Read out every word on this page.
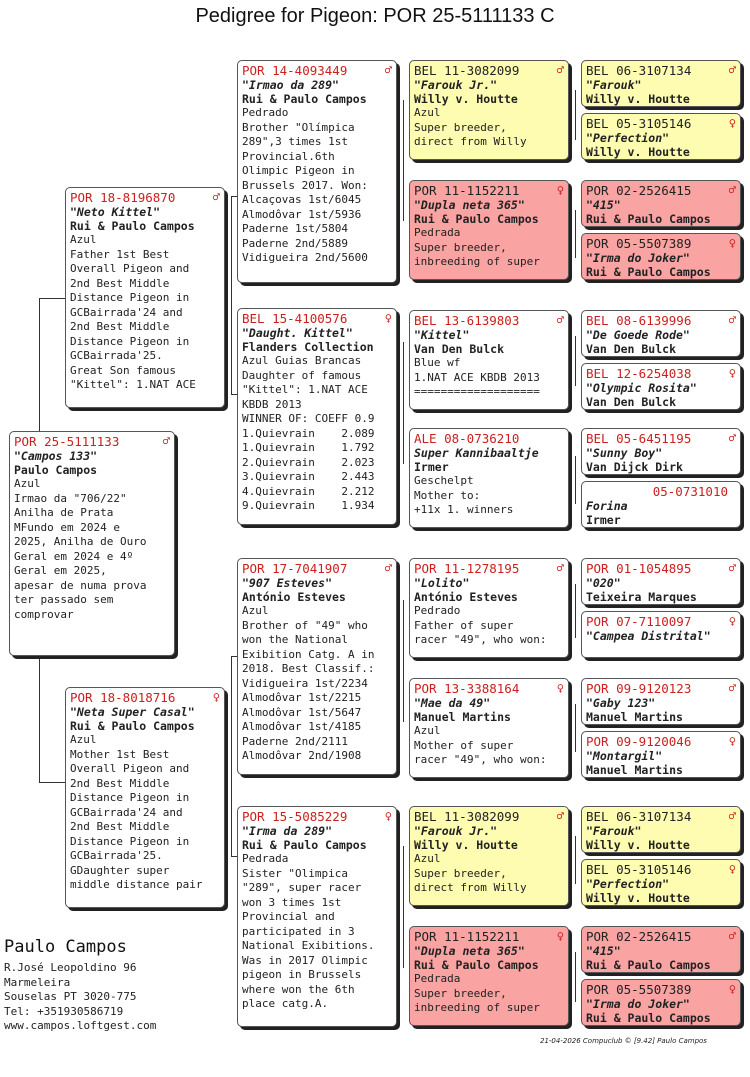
Pedigree for Pigeon: POR 25-5111133 C
POR 25-5111133	♂
"Campos 133"
Paulo Campos
Azul
Irmao da "706/22"
Anilha de Prata
MFundo em 2024 e
2025, Anilha de Ouro
Geral em 2024 e 4º
Geral em 2025,
apesar de numa prova
ter passado sem
comprovar
POR 18-8196870	♂
"Neto Kittel"
Rui & Paulo Campos
Azul
Father 1st Best
Overall Pigeon and
2nd Best Middle
Distance Pigeon in
GCBairrada'24 and
2nd Best Middle
Distance Pigeon in
GCBairrada'25.
Great Son famous
"Kittel": 1.NAT ACE
POR 18-8018716	♀
"Neta Super Casal"
Rui & Paulo Campos
Azul
Mother 1st Best
Overall Pigeon and
2nd Best Middle
Distance Pigeon in
GCBairrada'24 and
2nd Best Middle
Distance Pigeon in
GCBairrada'25.
GDaughter super
middle distance pair
POR 14-4093449	♂
"Irmao da 289"
Rui & Paulo Campos
Pedrado
Brother "Olímpica
289",3 times 1st
Provincial.6th
Olimpic Pigeon in
Brussels 2017. Won:
Alcaçovas 1st/6045
Almodôvar 1st/5936
Paderne 1st/5804
Paderne 2nd/5889
Vidigueira 2nd/5600
BEL 15-4100576	♀
"Daught. Kittel"
Flanders Collection
Azul Guias Brancas
Daughter of famous
"Kittel": 1.NAT ACE
KBDB 2013
WINNER OF: COEFF 0.9
1.Quievrain    2.089
1.Quievrain    1.792
2.Quievrain    2.023
3.Quievrain    2.443
4.Quievrain    2.212
9.Quievrain    1.934
POR 17-7041907	♂
"907 Esteves"
António Esteves
Azul
Brother of "49" who
won the National
Exibition Catg. A in
2018. Best Classif.:
Vidigueira 1st/2234
Almodôvar 1st/2215
Almodôvar 1st/5647
Almodôvar 1st/4185
Paderne 2nd/2111
Almodôvar 2nd/1908
POR 15-5085229	♀
"Irma da 289"
Rui & Paulo Campos
Pedrada
Sister "Olimpica
"289", super racer
won 3 times 1st
Provincial and
participated in 3
National Exibitions.
Was in 2017 Olimpic
pigeon in Brussels
where won the 6th
place catg.A.
BEL 11-3082099	♂
"Farouk Jr."
Willy v. Houtte
Azul
Super breeder,
direct from Willy
POR 11-1152211	♀
"Dupla neta 365"
Rui & Paulo Campos
Pedrada
Super breeder,
inbreeding of super
BEL 13-6139803	♂
"Kittel"
Van Den Bulck
Blue wf
1.NAT ACE KBDB 2013
===================
ALE 08-0736210
Super Kannibaaltje
Irmer
Geschelpt
Mother to:
+11x 1. winners
POR 11-1278195	♂
"Lolito"
António Esteves
Pedrado
Father of super
racer "49", who won:
POR 13-3388164	♀
"Mae da 49"
Manuel Martins
Azul
Mother of super
racer "49", who won:
BEL 11-3082099	♂
"Farouk Jr."
Willy v. Houtte
Azul
Super breeder,
direct from Willy
POR 11-1152211	♀
"Dupla neta 365"
Rui & Paulo Campos
Pedrada
Super breeder,
inbreeding of super
BEL 06-3107134	♂
"Farouk"
Willy v. Houtte
BEL 05-3105146	♀
"Perfection"
Willy v. Houtte
POR 02-2526415	♂
"415"
Rui & Paulo Campos
POR 05-5507389	♀
"Irma do Joker"
Rui & Paulo Campos
BEL 08-6139996	♂
"De Goede Rode"
Van Den Bulck
BEL 12-6254038	♀
"Olympic Rosita"
Van Den Bulck
BEL 05-6451195	♂
"Sunny Boy"
Van Dijck Dirk
05-0731010
Forina
Irmer
POR 01-1054895	♂
"020"
Teixeira Marques
POR 07-7110097	♀
"Campea Distrital"
POR 09-9120123	♂
"Gaby 123"
Manuel Martins
POR 09-9120046	♀
"Montargil"
Manuel Martins
BEL 06-3107134	♂
"Farouk"
Willy v. Houtte
BEL 05-3105146	♀
"Perfection"
Willy v. Houtte
POR 02-2526415	♂
"415"
Rui & Paulo Campos
POR 05-5507389	♀
"Irma do Joker"
Rui & Paulo Campos
Paulo Campos
R.José Leopoldino 96
Marmeleira
Souselas PT 3020-775
Tel: +351930586719
www.campos.loftgest.com
21-04-2026 Compuclub © [9.42] Paulo Campos
